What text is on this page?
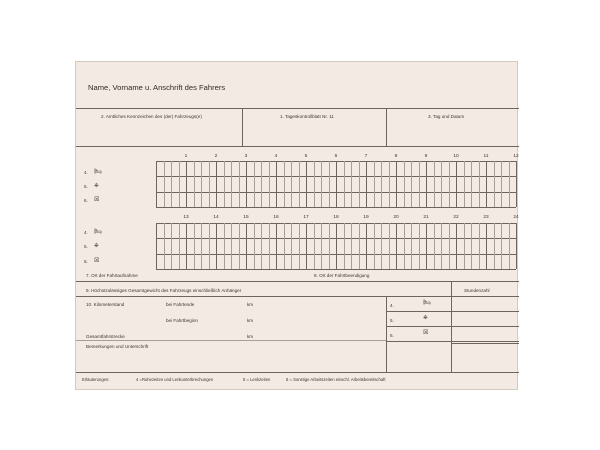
Name, Vorname u. Anschrift des Fahrers
2. Amtliches Kennzeichen des (der) Fahrzeugs(e)	1. Tageskontrollblatt Nr. 11	3. Tag und Datum
1	2	3	4	5	6	7	8	9	10	11	12
4. 🛏︎
5. ⎈
6. ☒
13	14	15	16	17	18	19	20	21	22	23	24
4. 🛏︎
5. ⎈
6. ☒
7. Ort der Fahrtaufnahme	8. Ort der Fahrtbeendigung
9. Höchstzulässiges Gesamtgewicht des Fahrzeugs einschließlich Anhänger	Stundenzahl
10. Kilometerstand	bei Fahrtende	km
bei Fahrtbeginn	km
Gesamtfahrstrecke	km
4.	🛏︎
5.	⎈
6.	☒
Bemerkungen und Unterschrift
Erläuterungen:	4 =Ruhezeiten und Lenkunterbrechungen	5 = Lenkzeiten	6 = Sonstige Arbeitszeiten einschl. Arbeitsbereitschaft
